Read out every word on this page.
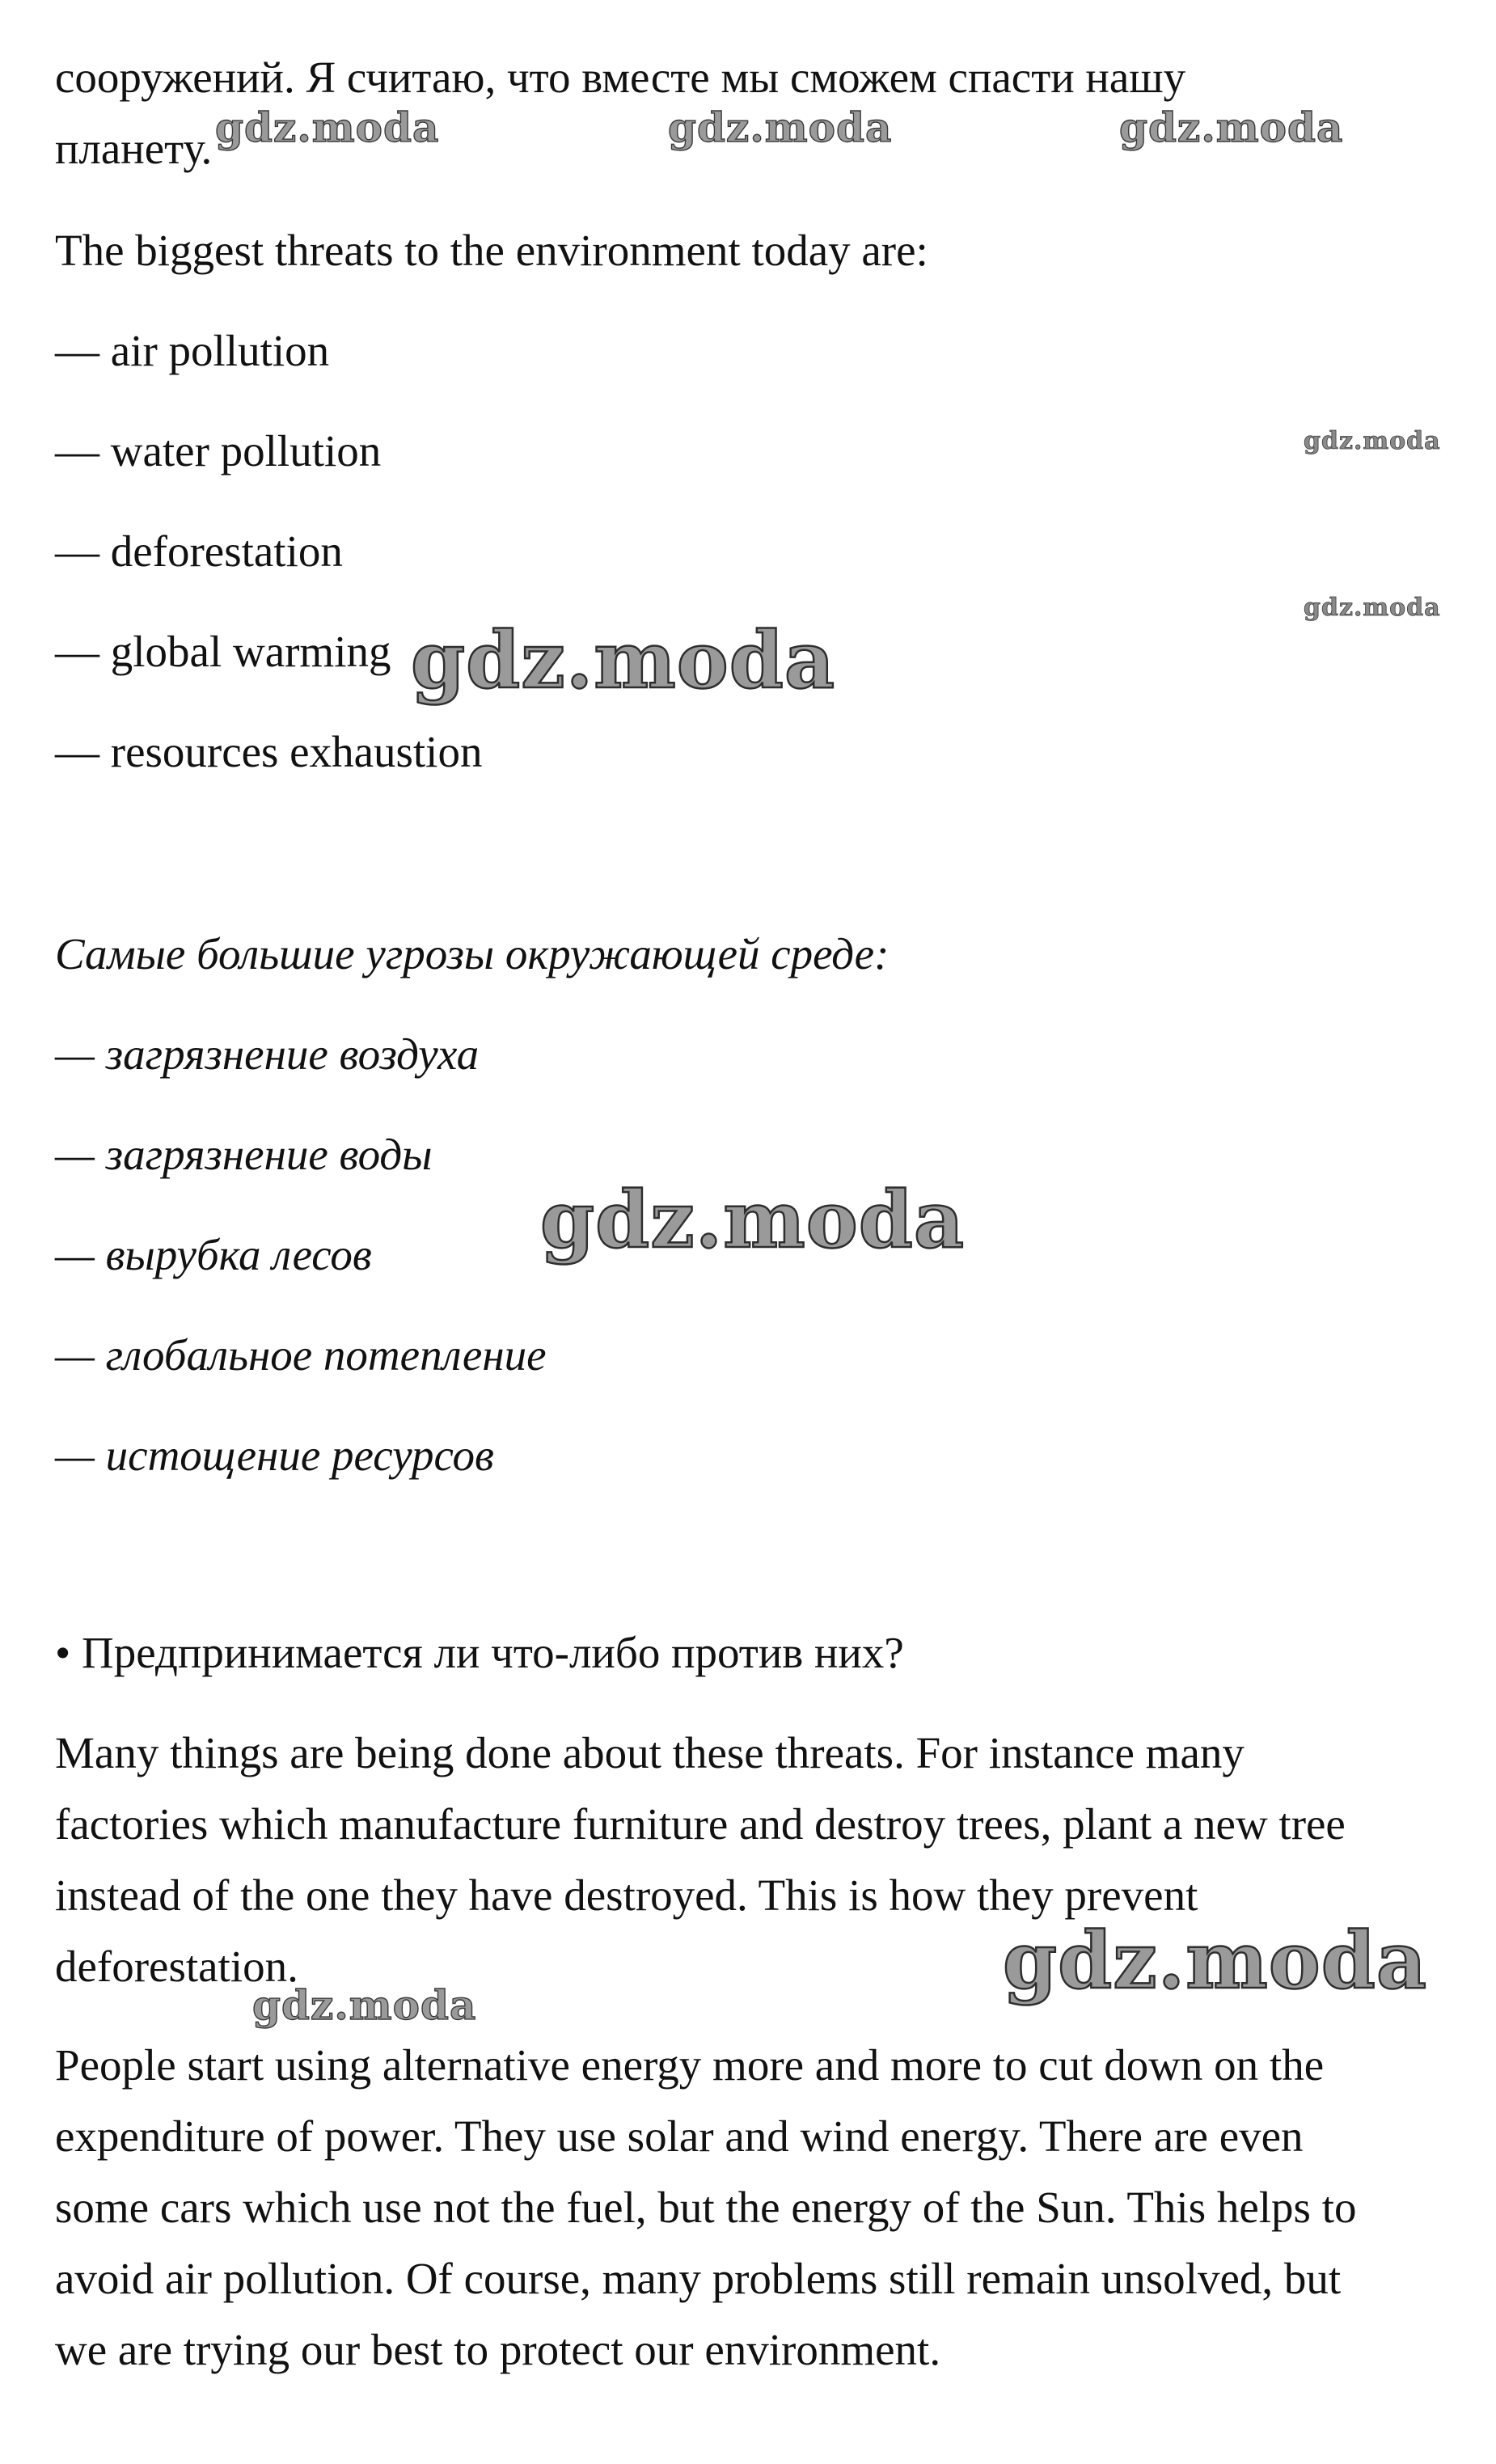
сооружений. Я считаю, что вместе мы сможем спасти нашу

планету.

The biggest threats to the environment today are:

— air pollution

— water pollution

— deforestation

— global warming

— resources exhaustion

Самые большие угрозы окружающей среде:

— загрязнение воздуха

— загрязнение воды

— вырубка лесов

— глобальное потепление

— истощение ресурсов

• Предпринимается ли что-либо против них?

Many things are being done about these threats. For instance many

factories which manufacture furniture and destroy trees, plant a new tree

instead of the one they have destroyed. This is how they prevent

deforestation.

People start using alternative energy more and more to cut down on the

expenditure of power. They use solar and wind energy. There are even

some cars which use not the fuel, but the energy of the Sun. This helps to

avoid air pollution. Of course, many problems still remain unsolved, but

we are trying our best to protect our environment.

gdz.moda	gdz.moda	gdz.moda
gdz.moda
gdz.moda
gdz.moda
gdz.moda
gdz.moda
gdz.moda
